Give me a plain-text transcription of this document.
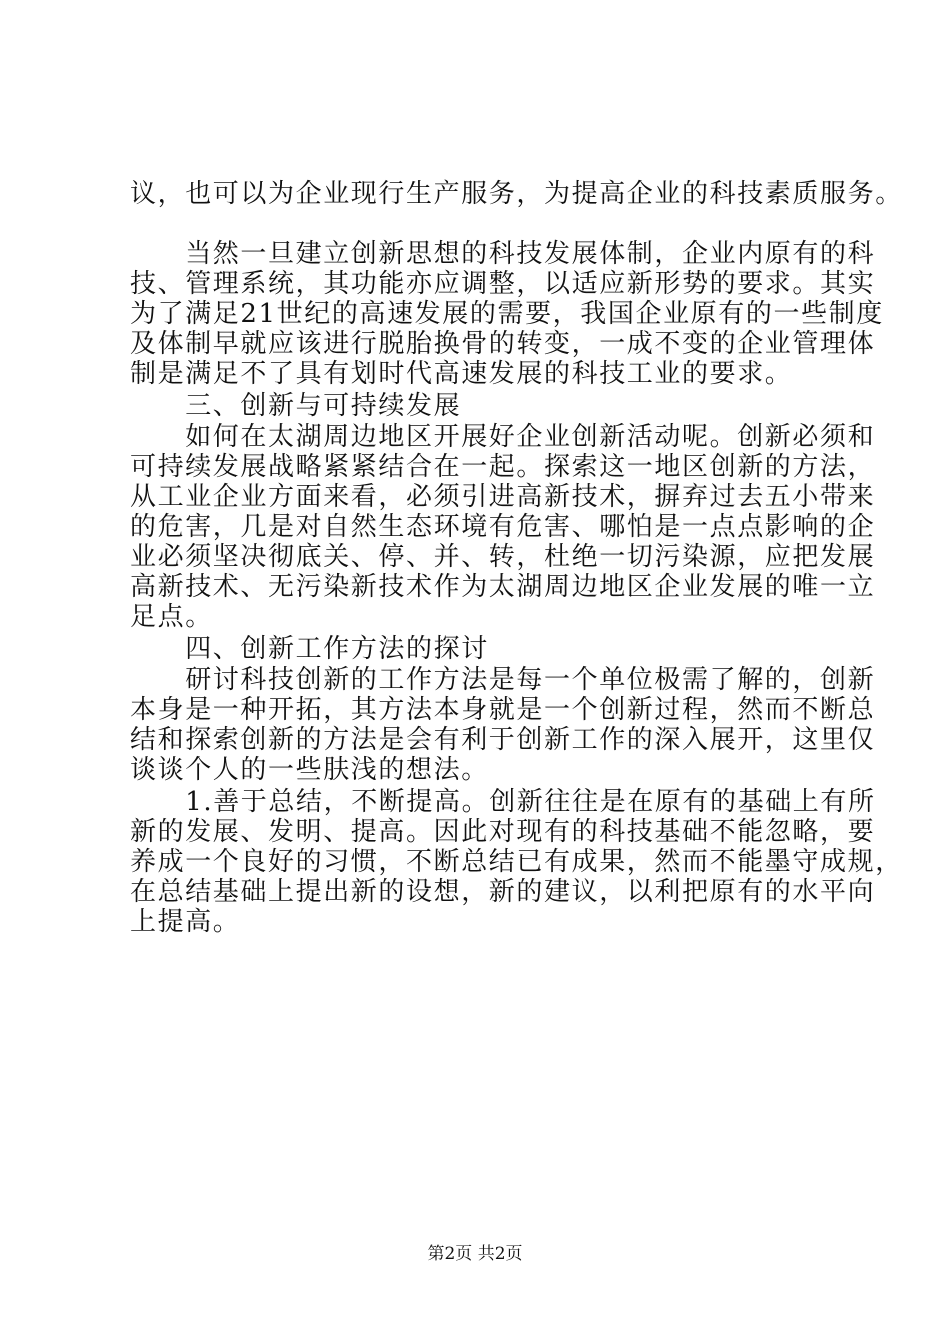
议，也可以为企业现行生产服务，为提高企业的科技素质服务。
　　当然一旦建立创新思想的科技发展体制，企业内原有的科
技、管理系统，其功能亦应调整，以适应新形势的要求。其实
为了满足21世纪的高速发展的需要，我国企业原有的一些制度
及体制早就应该进行脱胎换骨的转变，一成不变的企业管理体
制是满足不了具有划时代高速发展的科技工业的要求。
　　三、创新与可持续发展
　　如何在太湖周边地区开展好企业创新活动呢。创新必须和
可持续发展战略紧紧结合在一起。探索这一地区创新的方法，
从工业企业方面来看，必须引进高新技术，摒弃过去五小带来
的危害，几是对自然生态环境有危害、哪怕是一点点影响的企
业必须坚决彻底关、停、并、转，杜绝一切污染源，应把发展
高新技术、无污染新技术作为太湖周边地区企业发展的唯一立
足点。
　　四、创新工作方法的探讨
　　研讨科技创新的工作方法是每一个单位极需了解的，创新
本身是一种开拓，其方法本身就是一个创新过程，然而不断总
结和探索创新的方法是会有利于创新工作的深入展开，这里仅
谈谈个人的一些肤浅的想法。
　　1.善于总结，不断提高。创新往往是在原有的基础上有所
新的发展、发明、提高。因此对现有的科技基础不能忽略，要
养成一个良好的习惯，不断总结已有成果，然而不能墨守成规，
在总结基础上提出新的设想，新的建议，以利把原有的水平向
上提高。
第2页 共2页
